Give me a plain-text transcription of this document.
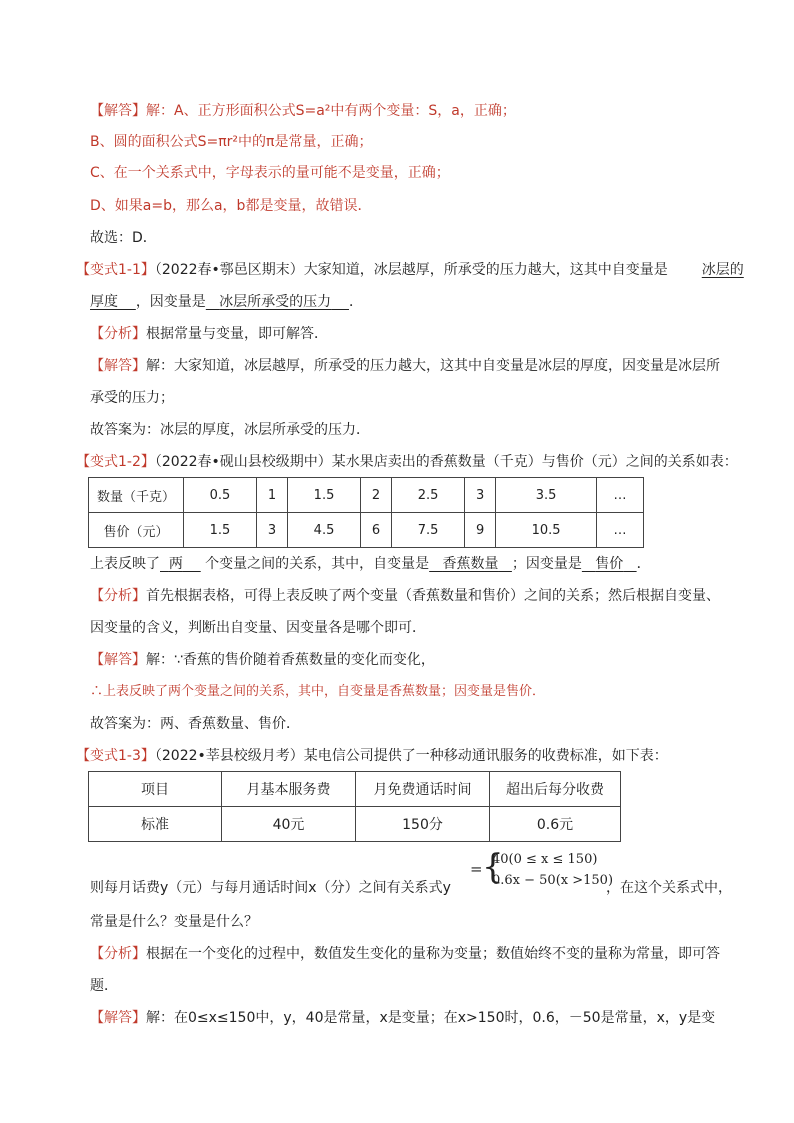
【解答】解：A、正方形面积公式S=a²中有两个变量：S，a，正确；
B、圆的面积公式S=πr²中的π是常量，正确；
C、在一个关系式中，字母表示的量可能不是变量，正确；
D、如果a=b，那么a，b都是变量，故错误．
故选：D．
【变式1-1】（2022春•鄠邑区期末）大家知道，冰层越厚，所承受的压力越大，这其中自变量是 冰层的
厚度 ，因变量是 冰层所承受的压力 ．
【分析】根据常量与变量，即可解答．
【解答】解：大家知道，冰层越厚，所承受的压力越大，这其中自变量是冰层的厚度，因变量是冰层所
承受的压力；
故答案为：冰层的厚度，冰层所承受的压力．
【变式1-2】（2022春•砚山县校级期中）某水果店卖出的香蕉数量（千克）与售价（元）之间的关系如表：
数量（千克）	0.5	1	1.5	2	2.5	3	3.5	…
售价（元）	1.5	3	4.5	6	7.5	9	10.5	…
上表反映了 两 个变量之间的关系，其中，自变量是 香蕉数量 ；因变量是 售价 ．
【分析】首先根据表格，可得上表反映了两个变量（香蕉数量和售价）之间的关系；然后根据自变量、
因变量的含义，判断出自变量、因变量各是哪个即可．
【解答】解：∵香蕉的售价随着香蕉数量的变化而变化，
∴上表反映了两个变量之间的关系，其中，自变量是香蕉数量；因变量是售价．
故答案为：两、香蕉数量、售价．
【变式1-3】（2022•莘县校级月考）某电信公司提供了一种移动通讯服务的收费标准，如下表：
项目	月基本服务费	月免费通话时间	超出后每分收费
标准	40元	150分	0.6元
= {
40(0 ≤ x ≤ 150)
0.6x − 50(x >150)
则每月话费y（元）与每月通话时间x（分）之间有关系式y	，在这个关系式中，
常量是什么？变量是什么？
【分析】根据在一个变化的过程中，数值发生变化的量称为变量；数值始终不变的量称为常量，即可答
题．
【解答】解：在0≤x≤150中，y，40是常量，x是变量；在x>150时，0.6，－50是常量，x，y是变
